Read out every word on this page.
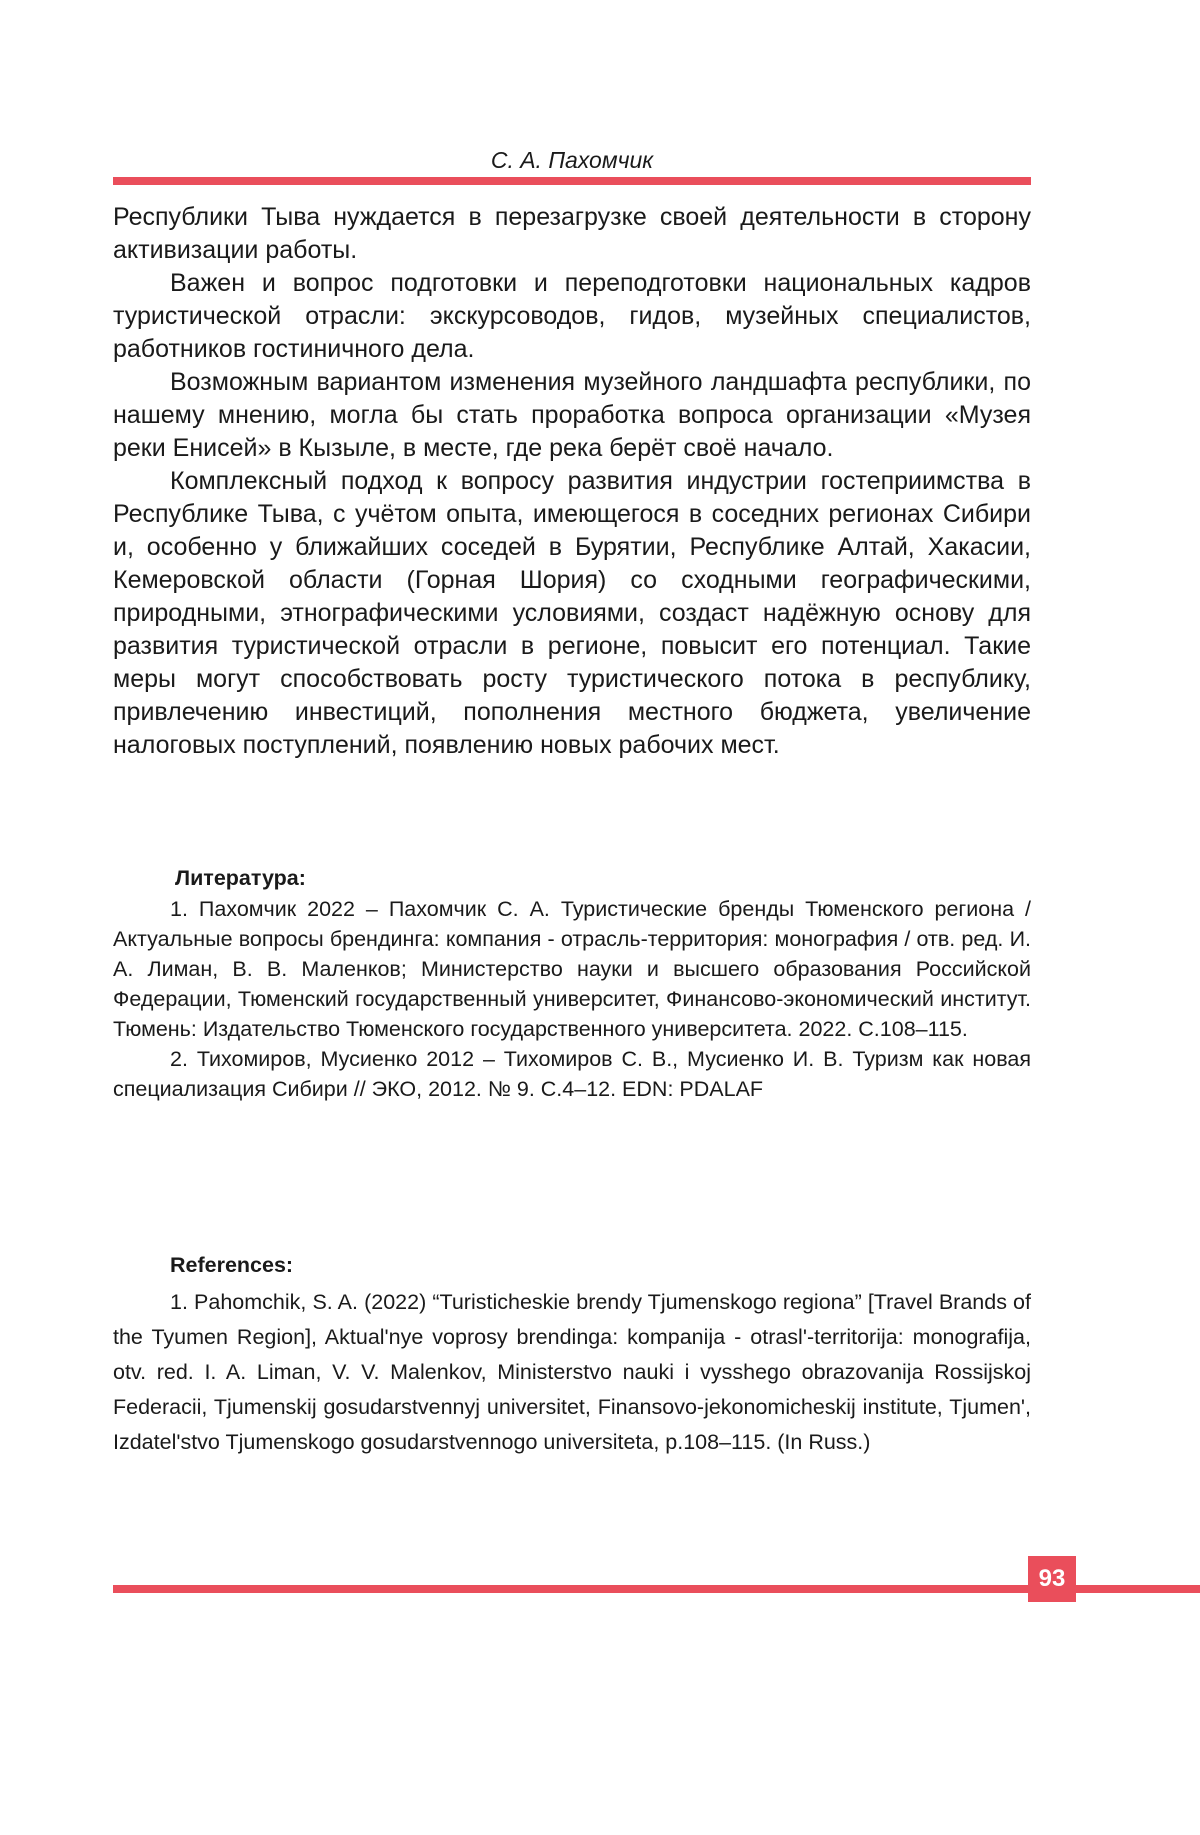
С. А. Пахомчик

Республики Тыва нуждается в перезагрузке своей деятельности в сторону активизации работы.

Важен и вопрос подготовки и переподготовки национальных кадров туристической отрасли: экскурсоводов, гидов, музейных специалистов, работников гостиничного дела.

Возможным вариантом изменения музейного ландшафта республики, по нашему мнению, могла бы стать проработка вопроса организации «Музея реки Енисей» в Кызыле, в месте, где река берёт своё начало.

Комплексный подход к вопросу развития индустрии гостеприимства в Республике Тыва, с учётом опыта, имеющегося в соседних регионах Сибири и, особенно у ближайших соседей в Бурятии, Республике Алтай, Хакасии, Кемеровской области (Горная Шория) со сходными географическими, природными, этнографическими условиями, создаст надёжную основу для развития туристической отрасли в регионе, повысит его потенциал. Такие меры могут способствовать росту туристического потока в республику, привлечению инвестиций, пополнения местного бюджета, увеличение налоговых поступлений, появлению новых рабочих мест.

Литература:

1. Пахомчик 2022 – Пахомчик С. А. Туристические бренды Тюменского региона / Актуальные вопросы брендинга: компания - отрасль-территория: монография / отв. ред. И. А. Лиман, В. В. Маленков; Министерство науки и высшего образования Российской Федерации, Тюменский государственный университет, Финансово-экономический институт. Тюмень: Издательство Тюменского государственного университета. 2022. С.108–115.

2. Тихомиров, Мусиенко 2012 – Тихомиров С. В., Мусиенко И. В. Туризм как новая специализация Сибири // ЭКО, 2012. № 9. С.4–12. EDN: PDALAF

References:

1. Pahomchik, S. A. (2022) “Turisticheskie brendy Tjumenskogo regiona” [Travel Brands of the Tyumen Region], Aktual'nye voprosy brendinga: kompanija - otrasl'-territorija: monografija, otv. red. I. A. Liman, V. V. Malenkov, Ministerstvo nauki i vysshego obrazovanija Rossijskoj Federacii, Tjumenskij gosudarstvennyj universitet, Finansovo-jekonomicheskij institute, Tjumen', Izdatel'stvo Tjumenskogo gosudarstvennogo universiteta, p.108–115. (In Russ.)

93
